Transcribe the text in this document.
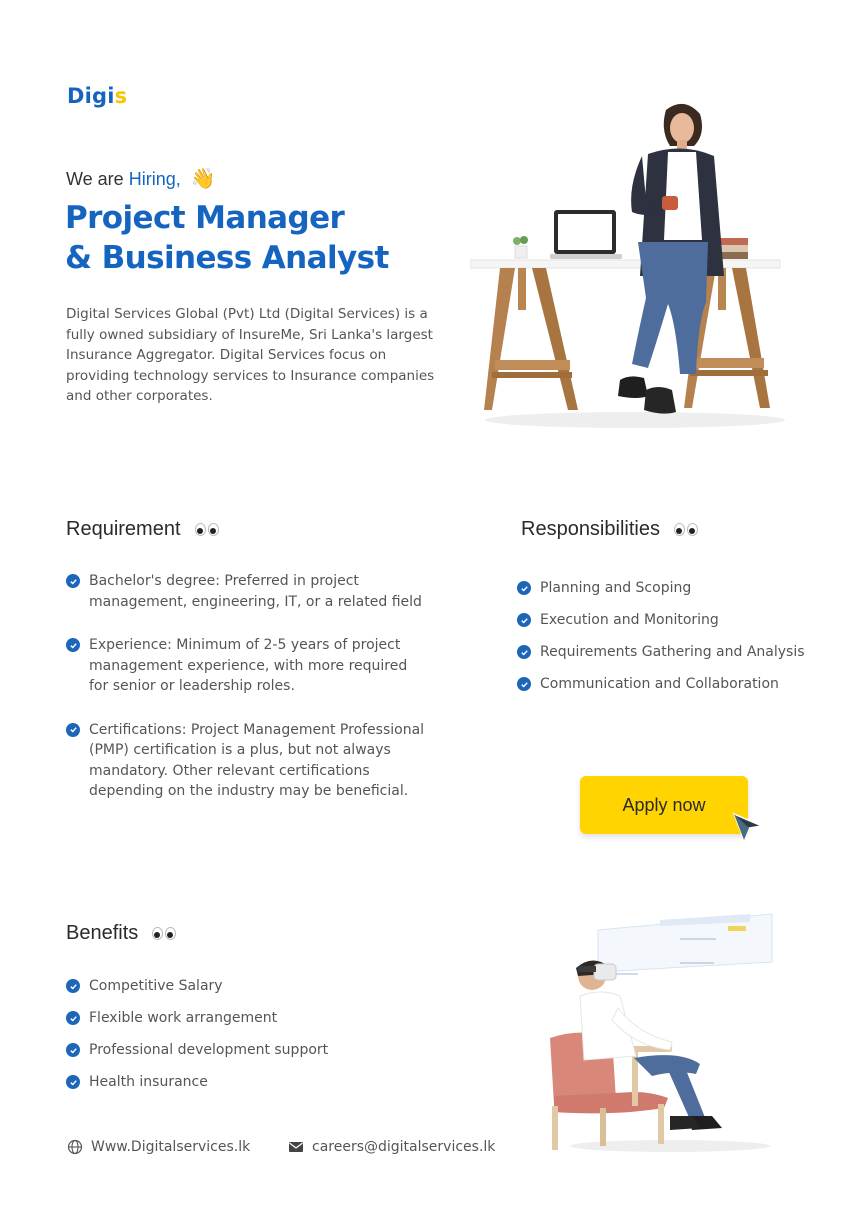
Digis
We are Hiring, 👋
Project Manager
& Business Analyst

Digital Services Global (Pvt) Ltd (Digital Services) is a fully owned subsidiary of InsureMe, Sri Lanka's largest Insurance Aggregator. Digital Services focus on providing technology services to Insurance companies and other corporates.

Requirement
Bachelor's degree: Preferred in project management, engineering, IT, or a related field
Experience: Minimum of 2-5 years of project management experience, with more required for senior or leadership roles.
Certifications: Project Management Professional (PMP) certification is a plus, but not always mandatory. Other relevant certifications depending on the industry may be beneficial.
Responsibilities
Planning and Scoping
Execution and Monitoring
Requirements Gathering and Analysis
Communication and Collaboration
Apply now
Benefits
Competitive Salary
Flexible work arrangement
Professional development support
Health insurance
Www.Digitalservices.lk	careers@digitalservices.lk
